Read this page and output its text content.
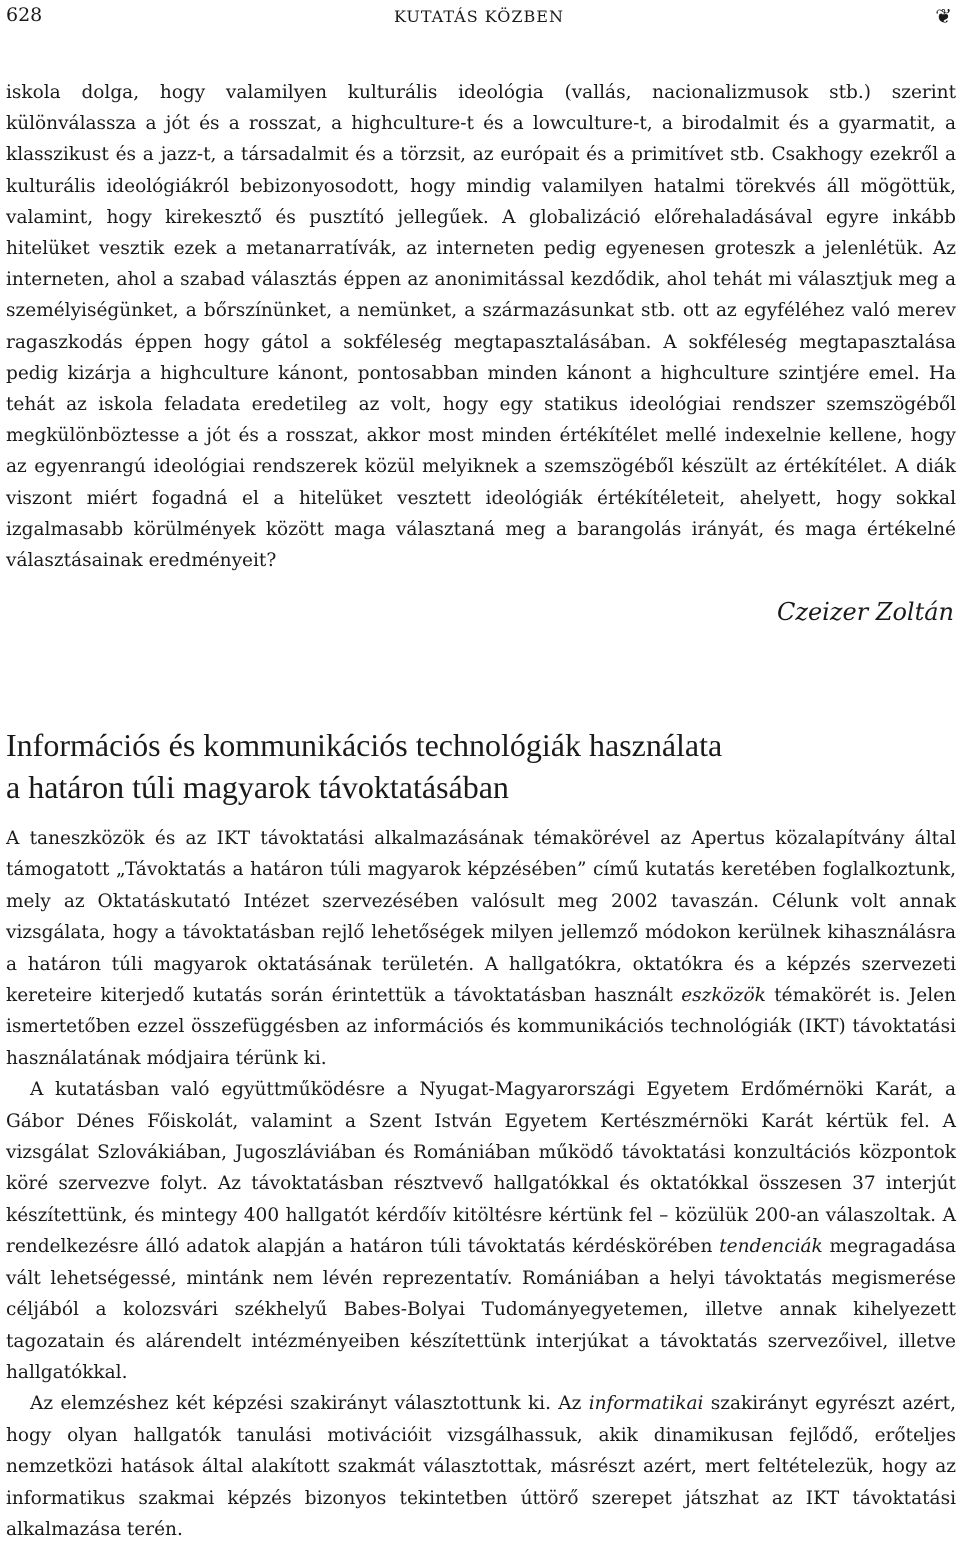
628	KUTATÁS KÖZBEN	❦

iskola dolga, hogy valamilyen kulturális ideológia (vallás, nacionalizmusok stb.) szerint különválassza a jót és a rosszat, a highculture-t és a lowculture-t, a birodalmit és a gyarmatit, a klasszikust és a jazz-t, a társadalmit és a törzsit, az európait és a primitívet stb. Csakhogy ezekről a kulturális ideológiákról bebizonyosodott, hogy mindig valamilyen hatalmi törekvés áll mögöttük, valamint, hogy kirekesztő és pusztító jellegűek. A globalizáció előrehaladásával egyre inkább hitelüket vesztik ezek a metanarratívák, az interneten pedig egyenesen groteszk a jelenlétük. Az interneten, ahol a szabad választás éppen az anonimitással kezdődik, ahol tehát mi választjuk meg a személyiségünket, a bőrszínünket, a nemünket, a származásunkat stb. ott az egyféléhez való merev ragaszkodás éppen hogy gátol a sokféleség megtapasztalásában. A sokféleség megtapasztalása pedig kizárja a highculture kánont, pontosabban minden kánont a highculture szintjére emel. Ha tehát az iskola feladata eredetileg az volt, hogy egy statikus ideológiai rendszer szemszögéből megkülönböztesse a jót és a rosszat, akkor most minden értékítélet mellé indexelnie kellene, hogy az egyenrangú ideológiai rendszerek közül melyiknek a szemszögéből készült az értékítélet. A diák viszont miért fogadná el a hitelüket vesztett ideológiák értékítéleteit, ahelyett, hogy sokkal izgalmasabb körülmények között maga választaná meg a barangolás irányát, és maga értékelné választásainak eredményeit?

Czeizer Zoltán
Információs és kommunikációs technológiák használata
a határon túli magyarok távoktatásában

A taneszközök és az IKT távoktatási alkalmazásának témakörével az Apertus közalapítvány által támogatott „Távoktatás a határon túli magyarok képzésében” című kutatás keretében foglalkoztunk, mely az Oktatáskutató Intézet szervezésében valósult meg 2002 tavaszán. Célunk volt annak vizsgálata, hogy a távoktatásban rejlő lehetőségek milyen jellemző módokon kerülnek kihasználásra a határon túli magyarok oktatásának területén. A hallgatókra, oktatókra és a képzés szervezeti kereteire kiterjedő kutatás során érintettük a távoktatásban használt eszközök témakörét is. Jelen ismertetőben ezzel összefüggésben az információs és kommunikációs technológiák (IKT) távoktatási használatának módjaira térünk ki.

A kutatásban való együttműködésre a Nyugat-Magyarországi Egyetem Erdőmérnöki Karát, a Gábor Dénes Főiskolát, valamint a Szent István Egyetem Kertészmérnöki Karát kértük fel. A vizsgálat Szlovákiában, Jugoszláviában és Romániában működő távoktatási konzultációs központok köré szervezve folyt. Az távoktatásban résztvevő hallgatókkal és oktatókkal összesen 37 interjút készítettünk, és mintegy 400 hallgatót kérdőív kitöltésre kértünk fel – közülük 200-an válaszoltak. A rendelkezésre álló adatok alapján a határon túli távoktatás kérdéskörében tendenciák megragadása vált lehetségessé, mintánk nem lévén reprezentatív. Romániában a helyi távoktatás megismerése céljából a kolozsvári székhelyű Babes-Bolyai Tudományegyetemen, illetve annak kihelyezett tagozatain és alárendelt intézményeiben készítettünk interjúkat a távoktatás szervezőivel, illetve hallgatókkal.

Az elemzéshez két képzési szakirányt választottunk ki. Az informatikai szakirányt egyrészt azért, hogy olyan hallgatók tanulási motivációit vizsgálhassuk, akik dinamikusan fejlődő, erőteljes nemzetközi hatások által alakított szakmát választottak, másrészt azért, mert feltételezük, hogy az informatikus szakmai képzés bizonyos tekintetben úttörő szerepet játszhat az IKT távoktatási alkalmazása terén.
